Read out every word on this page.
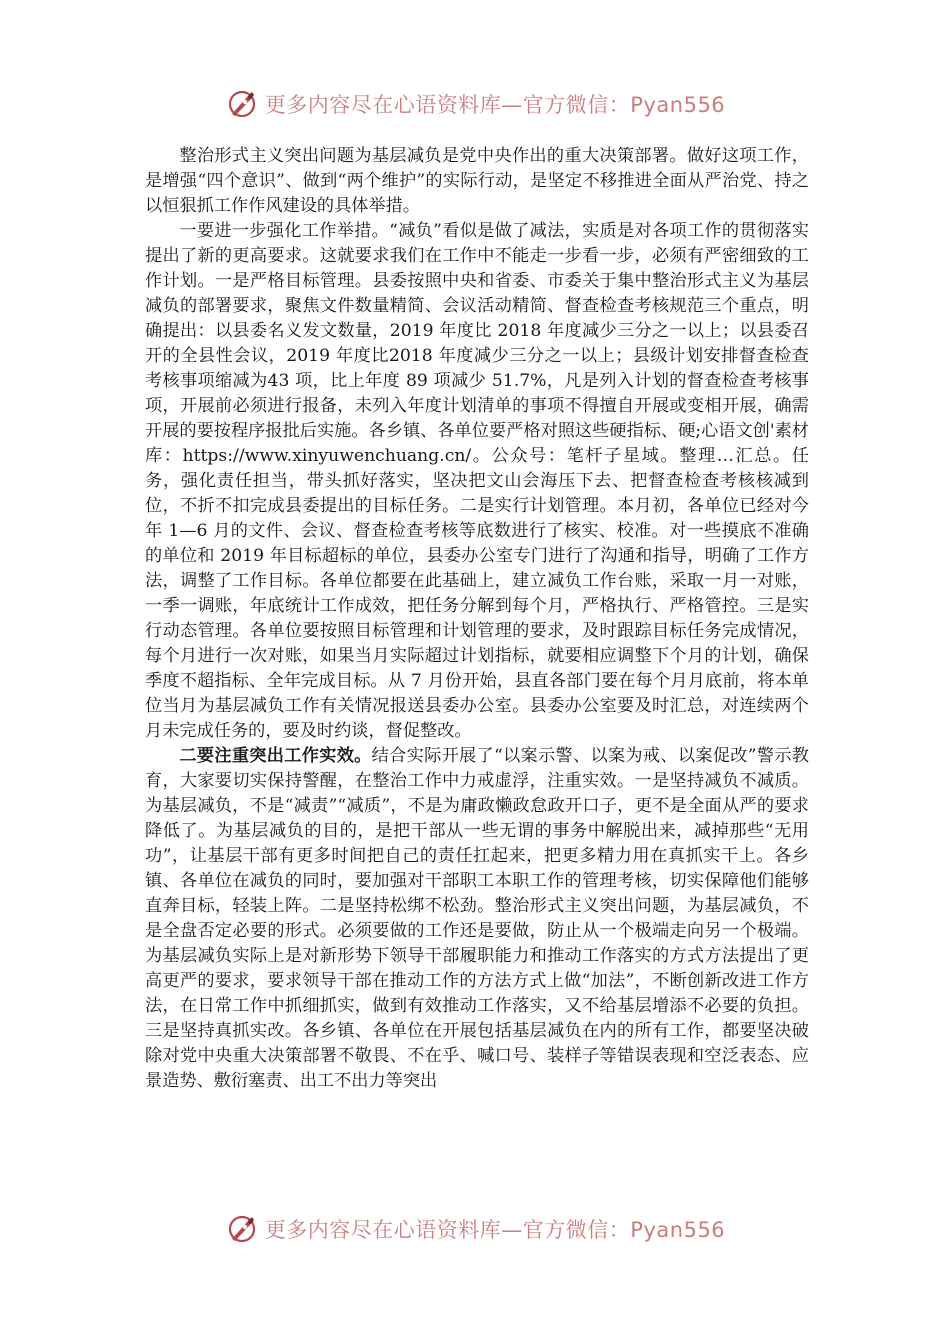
更多内容尽在心语资料库—官方微信：Pyan556

整治形式主义突出问题为基层减负是党中央作出的重大决策部署。做好这项工作，是增强“四个意识”、做到“两个维护”的实际行动，是坚定不移推进全面从严治党、持之以恒狠抓工作作风建设的具体举措。

一要进一步强化工作举措。“减负”看似是做了减法，实质是对各项工作的贯彻落实提出了新的更高要求。这就要求我们在工作中不能走一步看一步，必须有严密细致的工作计划。一是严格目标管理。县委按照中央和省委、市委关于集中整治形式主义为基层减负的部署要求，聚焦文件数量精简、会议活动精简、督查检查考核规范三个重点，明确提出：以县委名义发文数量，2019 年度比 2018 年度减少三分之一以上；以县委召开的全县性会议，2019 年度比2018 年度减少三分之一以上；县级计划安排督查检查考核事项缩减为43 项，比上年度 89 项减少 51.7%，凡是列入计划的督查检查考核事项，开展前必须进行报备，未列入年度计划清单的事项不得擅自开展或变相开展，确需开展的要按程序报批后实施。各乡镇、各单位要严格对照这些硬指标、硬;心语文创'素材库：https://www.xinyuwenchuang.cn/。公众号：笔杆子星域。整理…汇总。任务，强化责任担当，带头抓好落实，坚决把文山会海压下去、把督查检查考核核减到位，不折不扣完成县委提出的目标任务。二是实行计划管理。本月初，各单位已经对今年 1—6 月的文件、会议、督查检查考核等底数进行了核实、校准。对一些摸底不准确的单位和 2019 年目标超标的单位，县委办公室专门进行了沟通和指导，明确了工作方法，调整了工作目标。各单位都要在此基础上，建立减负工作台账，采取一月一对账，一季一调账，年底统计工作成效，把任务分解到每个月，严格执行、严格管控。三是实行动态管理。各单位要按照目标管理和计划管理的要求，及时跟踪目标任务完成情况，每个月进行一次对账，如果当月实际超过计划指标，就要相应调整下个月的计划，确保季度不超指标、全年完成目标。从 7 月份开始，县直各部门要在每个月月底前，将本单位当月为基层减负工作有关情况报送县委办公室。县委办公室要及时汇总，对连续两个月未完成任务的，要及时约谈，督促整改。

二要注重突出工作实效。结合实际开展了“以案示警、以案为戒、以案促改”警示教育，大家要切实保持警醒，在整治工作中力戒虚浮，注重实效。一是坚持减负不减质。为基层减负，不是“减责”“减质”，不是为庸政懒政怠政开口子，更不是全面从严的要求降低了。为基层减负的目的，是把干部从一些无谓的事务中解脱出来，减掉那些“无用功”，让基层干部有更多时间把自己的责任扛起来，把更多精力用在真抓实干上。各乡镇、各单位在减负的同时，要加强对干部职工本职工作的管理考核，切实保障他们能够直奔目标，轻装上阵。二是坚持松绑不松劲。整治形式主义突出问题，为基层减负，不是全盘否定必要的形式。必须要做的工作还是要做，防止从一个极端走向另一个极端。为基层减负实际上是对新形势下领导干部履职能力和推动工作落实的方式方法提出了更高更严的要求，要求领导干部在推动工作的方法方式上做“加法”，不断创新改进工作方法，在日常工作中抓细抓实，做到有效推动工作落实，又不给基层增添不必要的负担。三是坚持真抓实改。各乡镇、各单位在开展包括基层减负在内的所有工作，都要坚决破除对党中央重大决策部署不敬畏、不在乎、喊口号、装样子等错误表现和空泛表态、应景造势、敷衍塞责、出工不出力等突出

更多内容尽在心语资料库—官方微信：Pyan556
